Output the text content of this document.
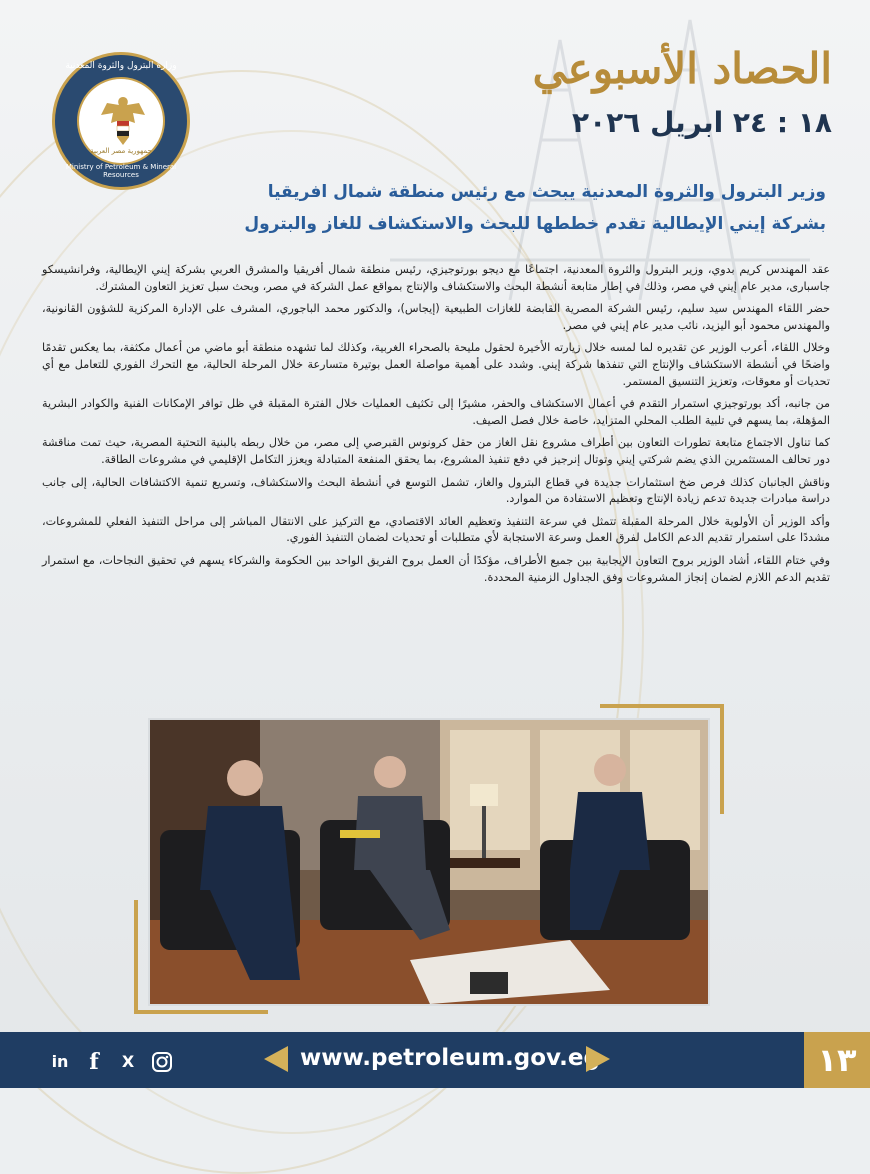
وزارة البترول والثروة المعدنية
جمهورية مصر العربية
Ministry of Petroleum & Mineral Resources
الحصاد الأسبوعي
١٨ : ٢٤ ابريل ٢٠٢٦
وزير البترول والثروة المعدنية يبحث مع رئيس منطقة شمال افريقيا
بشركة إيني الإيطالية تقدم خططها للبحث والاستكشاف للغاز والبترول

عقد المهندس كريم بدوي، وزير البترول والثروة المعدنية، اجتماعًا مع ديجو بورتوجيزي، رئيس منطقة شمال أفريقيا والمشرق العربي بشركة إيني الإيطالية، وفرانشيسكو جاسبارى، مدير عام إيني في مصر، وذلك في إطار متابعة أنشطة البحث والاستكشاف والإنتاج بمواقع عمل الشركة في مصر، وبحث سبل تعزيز التعاون المشترك.

حضر اللقاء المهندس سيد سليم، رئيس الشركة المصرية القابضة للغازات الطبيعية (إيجاس)، والدكتور محمد الباجوري، المشرف على الإدارة المركزية للشؤون القانونية، والمهندس محمود أبو اليزيد، نائب مدير عام إيني في مصر.

وخلال اللقاء، أعرب الوزير عن تقديره لما لمسه خلال زيارته الأخيرة لحقول مليحة بالصحراء الغربية، وكذلك لما تشهده منطقة أبو ماضي من أعمال مكثفة، بما يعكس تقدمًا واضحًا في أنشطة الاستكشاف والإنتاج التي تنفذها شركة إيني. وشدد على أهمية مواصلة العمل بوتيرة متسارعة خلال المرحلة الحالية، مع التحرك الفوري للتعامل مع أي تحديات أو معوقات، وتعزيز التنسيق المستمر.

من جانبه، أكد بورتوجيزي استمرار التقدم في أعمال الاستكشاف والحفر، مشيرًا إلى تكثيف العمليات خلال الفترة المقبلة في ظل توافر الإمكانات الفنية والكوادر البشرية المؤهلة، بما يسهم في تلبية الطلب المحلي المتزايد، خاصة خلال فصل الصيف.

كما تناول الاجتماع متابعة تطورات التعاون بين أطراف مشروع نقل الغاز من حقل كرونوس القبرصي إلى مصر، من خلال ربطه بالبنية التحتية المصرية، حيث تمت مناقشة دور تحالف المستثمرين الذي يضم شركتي إيني وتوتال إنرجيز في دفع تنفيذ المشروع، بما يحقق المنفعة المتبادلة ويعزز التكامل الإقليمي في مشروعات الطاقة.

وناقش الجانبان كذلك فرص ضخ استثمارات جديدة في قطاع البترول والغاز، تشمل التوسع في أنشطة البحث والاستكشاف، وتسريع تنمية الاكتشافات الحالية، إلى جانب دراسة مبادرات جديدة تدعم زيادة الإنتاج وتعظيم الاستفادة من الموارد.

وأكد الوزير أن الأولوية خلال المرحلة المقبلة تتمثل في سرعة التنفيذ وتعظيم العائد الاقتصادي، مع التركيز على الانتقال المباشر إلى مراحل التنفيذ الفعلي للمشروعات، مشددًا على استمرار تقديم الدعم الكامل لفرق العمل وسرعة الاستجابة لأي متطلبات أو تحديات لضمان التنفيذ الفوري.

وفي ختام اللقاء، أشاد الوزير بروح التعاون الإيجابية بين جميع الأطراف، مؤكدًا أن العمل بروح الفريق الواحد بين الحكومة والشركاء يسهم في تحقيق النجاحات، مع استمرار تقديم الدعم اللازم لضمان إنجاز المشروعات وفق الجداول الزمنية المحددة.

in f	X	www.petroleum.gov.eg	١٣
